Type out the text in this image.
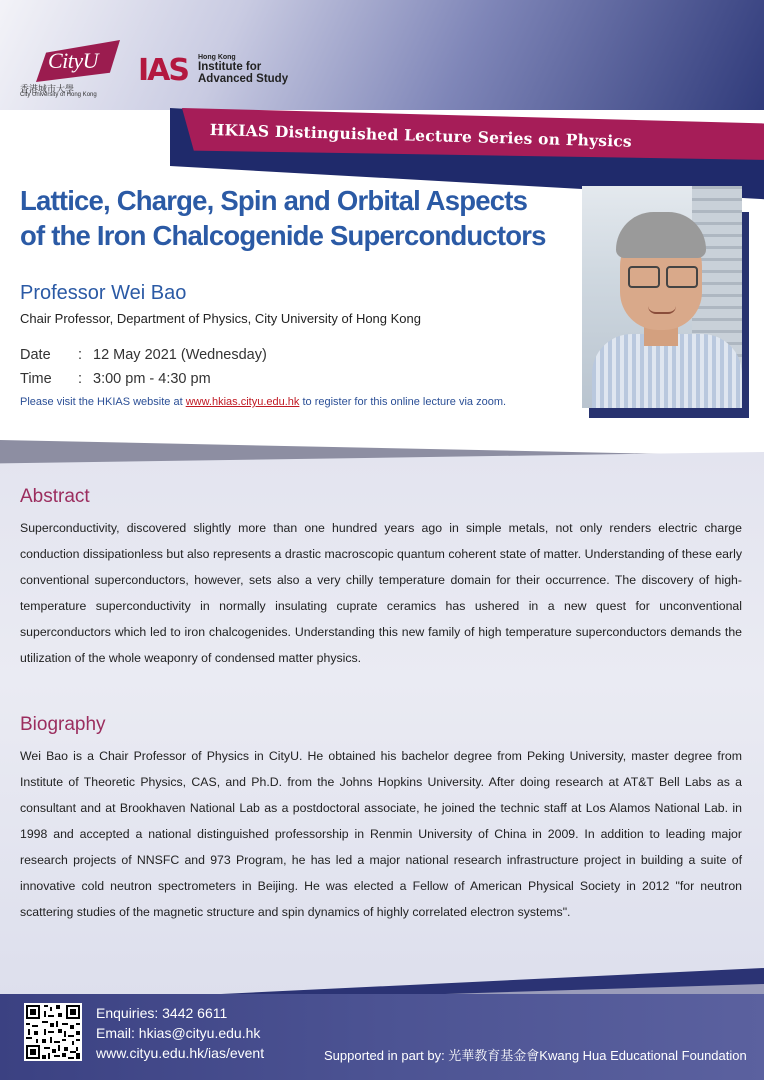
CityU
香港城市大學
City University of Hong Kong
IAS Hong Kong
Institute for
Advanced Study
HKIAS Distinguished Lecture Series on Physics
Lattice, Charge, Spin and Orbital Aspects
of the Iron Chalcogenide Superconductors
Professor Wei Bao
Chair Professor, Department of Physics, City University of Hong Kong
Date : 12 May 2021 (Wednesday)
Time : 3:00 pm - 4:30 pm
Please visit the HKIAS website at www.hkias.cityu.edu.hk to register for this online lecture via zoom.
Abstract
Superconductivity, discovered slightly more than one hundred years ago in simple metals, not only renders electric charge conduction dissipationless but also represents a drastic macroscopic quantum coherent state of matter. Understanding of these early conventional superconductors, however, sets also a very chilly temperature domain for their occurrence. The discovery of high-temperature superconductivity in normally insulating cuprate ceramics has ushered in a new quest for unconventional superconductors which led to iron chalcogenides. Understanding this new family of high temperature superconductors demands the utilization of the whole weaponry of condensed matter physics.
Biography
Wei Bao is a Chair Professor of Physics in CityU. He obtained his bachelor degree from Peking University, master degree from Institute of Theoretic Physics, CAS, and Ph.D. from the Johns Hopkins University. After doing research at AT&T Bell Labs as a consultant and at Brookhaven National Lab as a postdoctoral associate, he joined the technic staff at Los Alamos National Lab. in 1998 and accepted a national distinguished professorship in Renmin University of China in 2009. In addition to leading major research projects of NNSFC and 973 Program, he has led a major national research infrastructure project in building a suite of innovative cold neutron spectrometers in Beijing. He was elected a Fellow of American Physical Society in 2012 "for neutron scattering studies of the magnetic structure and spin dynamics of highly correlated electron systems".
Enquiries: 3442 6611
Email: hkias@cityu.edu.hk
www.cityu.edu.hk/ias/event	Supported in part by: 光華教育基金會Kwang Hua Educational Foundation
